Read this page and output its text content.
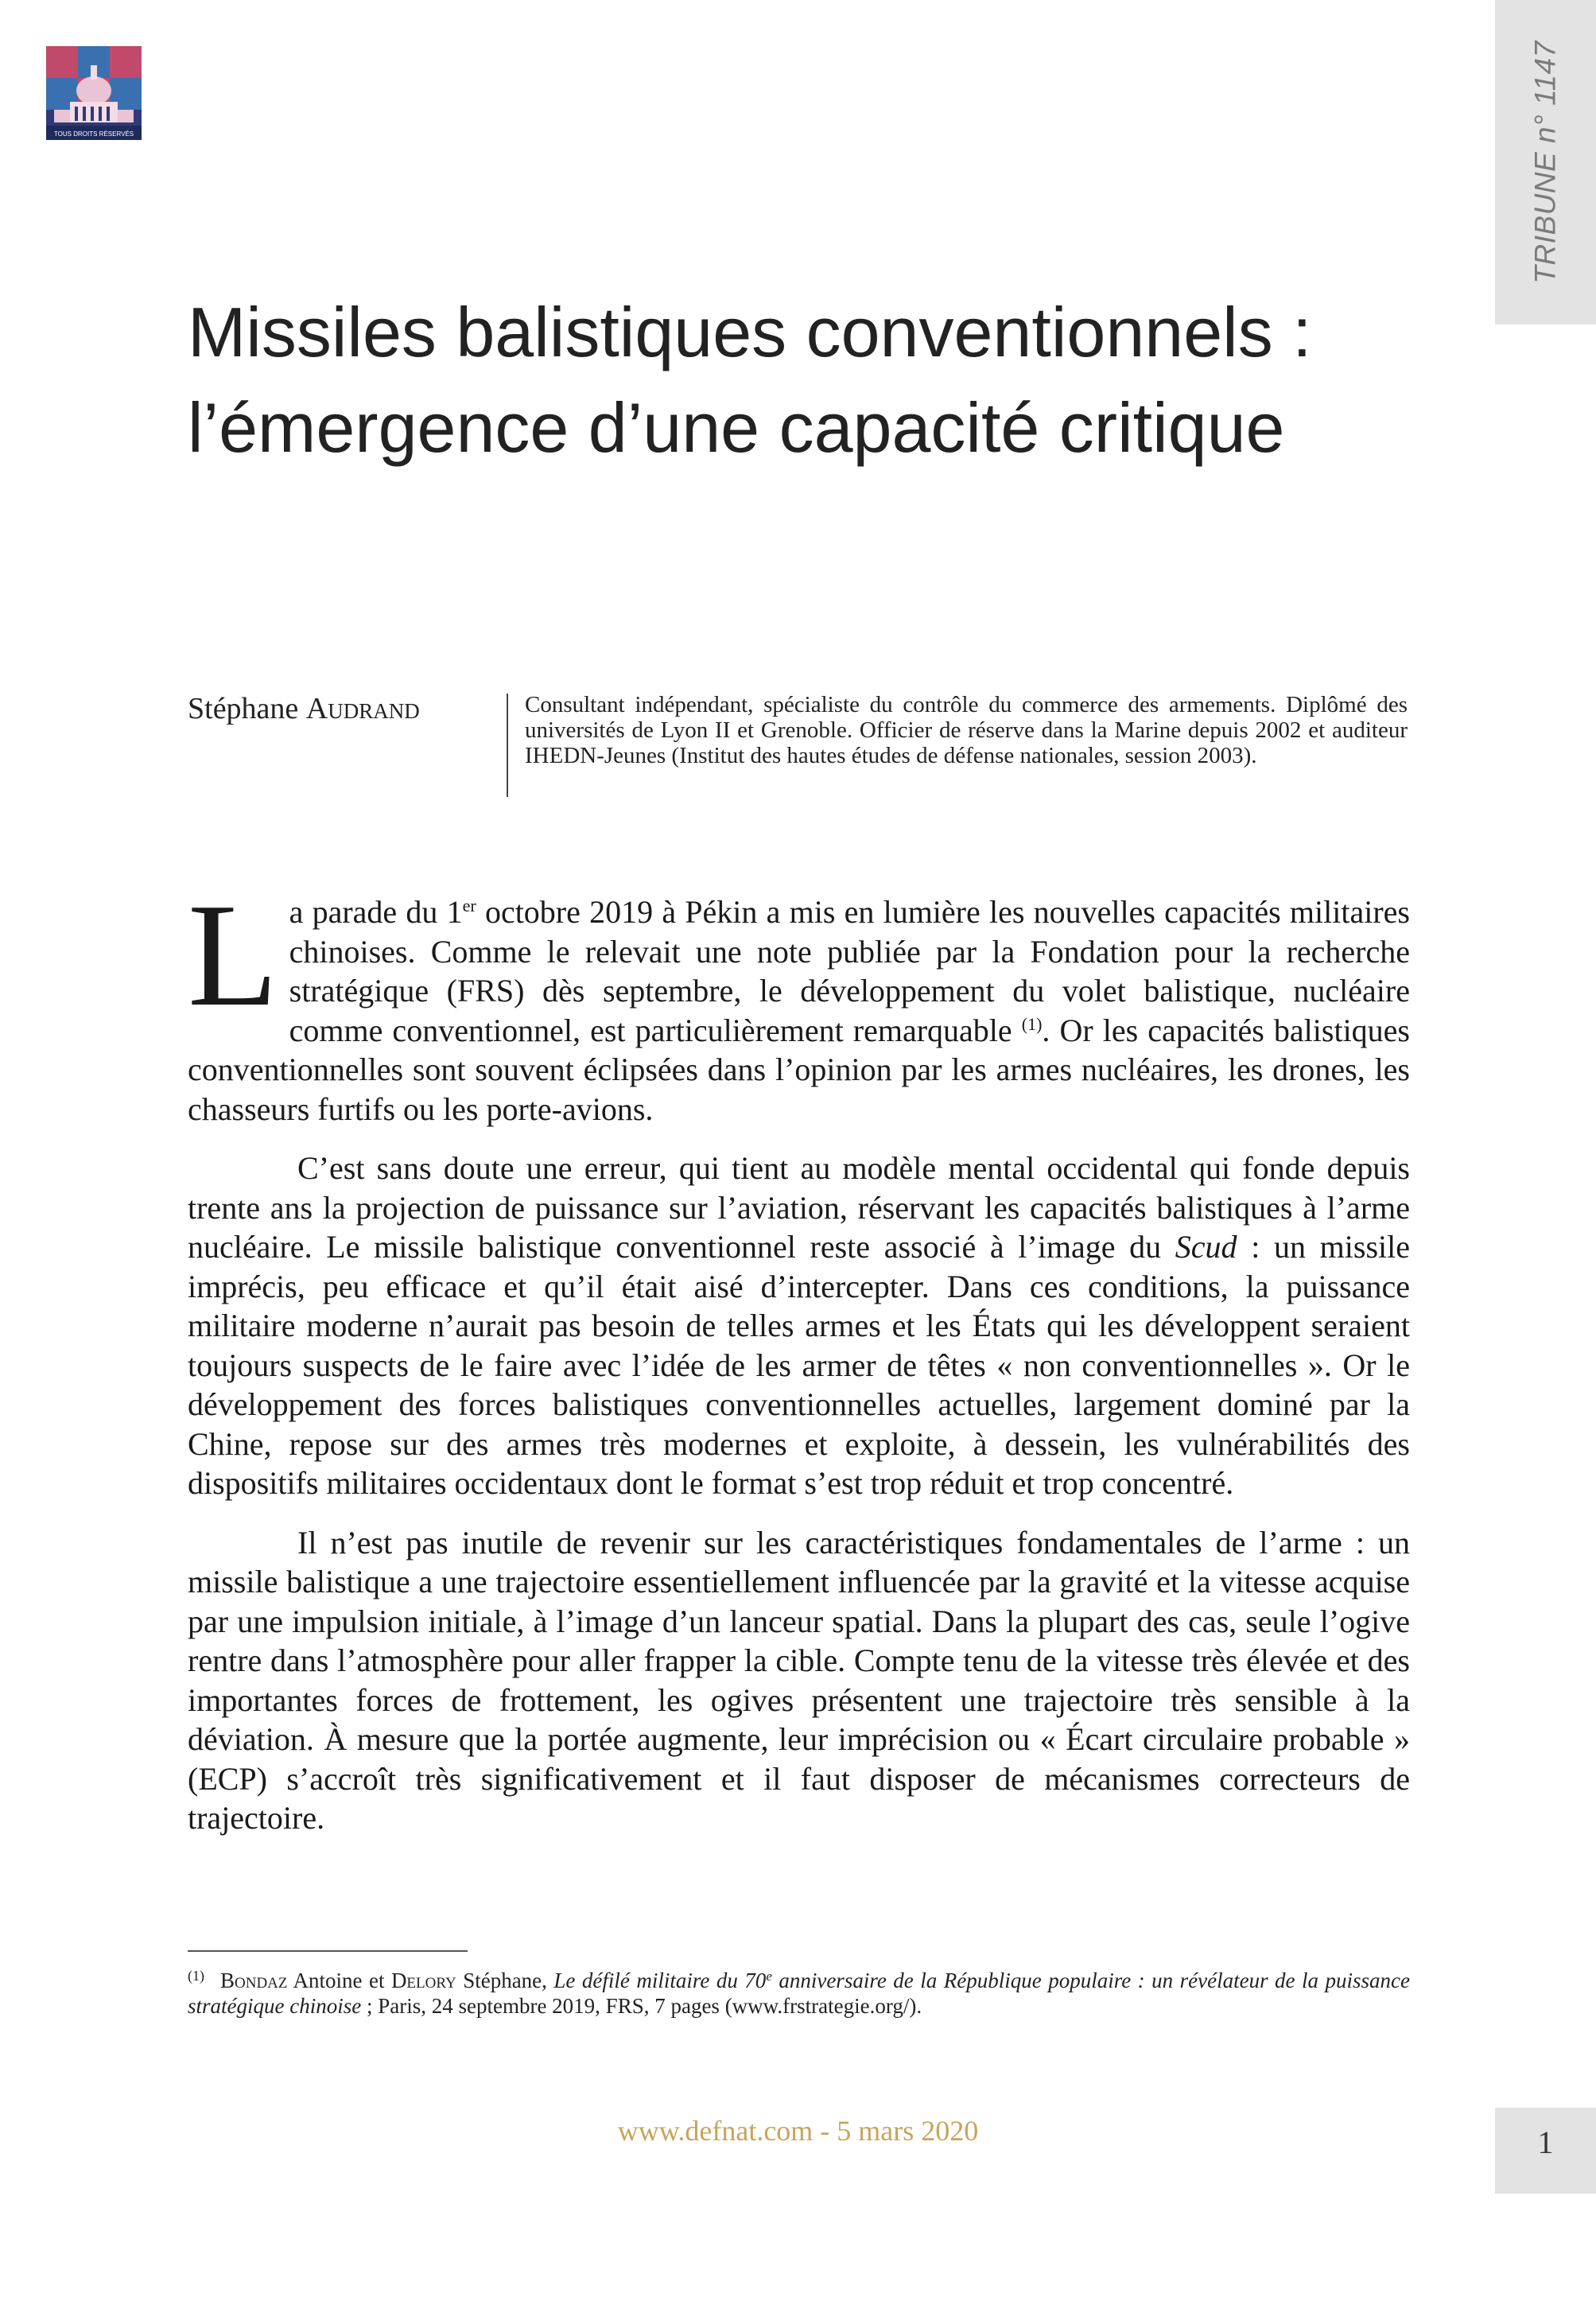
TOUS DROITS RÉSERVÉS	TRIBUNE n° 1147
Missiles balistiques conventionnels : l’émergence d’une capacité critique
Stéphane Audrand	Consultant indépendant, spécialiste du contrôle du commerce des armements. Diplômé des universités de Lyon II et Grenoble. Officier de réserve dans la Marine depuis 2002 et auditeur IHEDN-Jeunes (Institut des hautes études de défense nationales, session 2003).

La parade du 1er octobre 2019 à Pékin a mis en lumière les nouvelles capacités militaires chinoises. Comme le relevait une note publiée par la Fondation pour la recherche stratégique (FRS) dès septembre, le développement du volet balistique, nucléaire comme conventionnel, est particulièrement remarquable $^{(1)}$. Or les capacités balistiques conventionnelles sont souvent éclipsées dans l’opinion par les armes nucléaires, les drones, les chasseurs furtifs ou les porte-avions.

C’est sans doute une erreur, qui tient au modèle mental occidental qui fonde depuis trente ans la projection de puissance sur l’aviation, réservant les capacités balistiques à l’arme nucléaire. Le missile balistique conventionnel reste associé à l’image du Scud : un missile imprécis, peu efficace et qu’il était aisé d’intercepter. Dans ces conditions, la puissance militaire moderne n’aurait pas besoin de telles armes et les États qui les développent seraient toujours suspects de le faire avec l’idée de les armer de têtes « non conventionnelles ». Or le développement des forces balistiques conventionnelles actuelles, largement dominé par la Chine, repose sur des armes très modernes et exploite, à dessein, les vulnérabilités des dispositifs militaires occidentaux dont le format s’est trop réduit et trop concentré.

Il n’est pas inutile de revenir sur les caractéristiques fondamentales de l’arme : un missile balistique a une trajectoire essentiellement influencée par la gravité et la vitesse acquise par une impulsion initiale, à l’image d’un lanceur spatial. Dans la plupart des cas, seule l’ogive rentre dans l’atmosphère pour aller frapper la cible. Compte tenu de la vitesse très élevée et des importantes forces de frottement, les ogives présentent une trajectoire très sensible à la déviation. À mesure que la portée augmente, leur imprécision ou « Écart circulaire probable » (ECP) s’accroît très significativement et il faut disposer de mécanismes correcteurs de trajectoire.

$^{(1)}$ Bondaz Antoine et Delory Stéphane, Le défilé militaire du 70e anniversaire de la République populaire : un révélateur de la puissance stratégique chinoise ; Paris, 24 septembre 2019, FRS, 7 pages (www.frstrategie.org/).

www.defnat.com - 5 mars 2020	1
